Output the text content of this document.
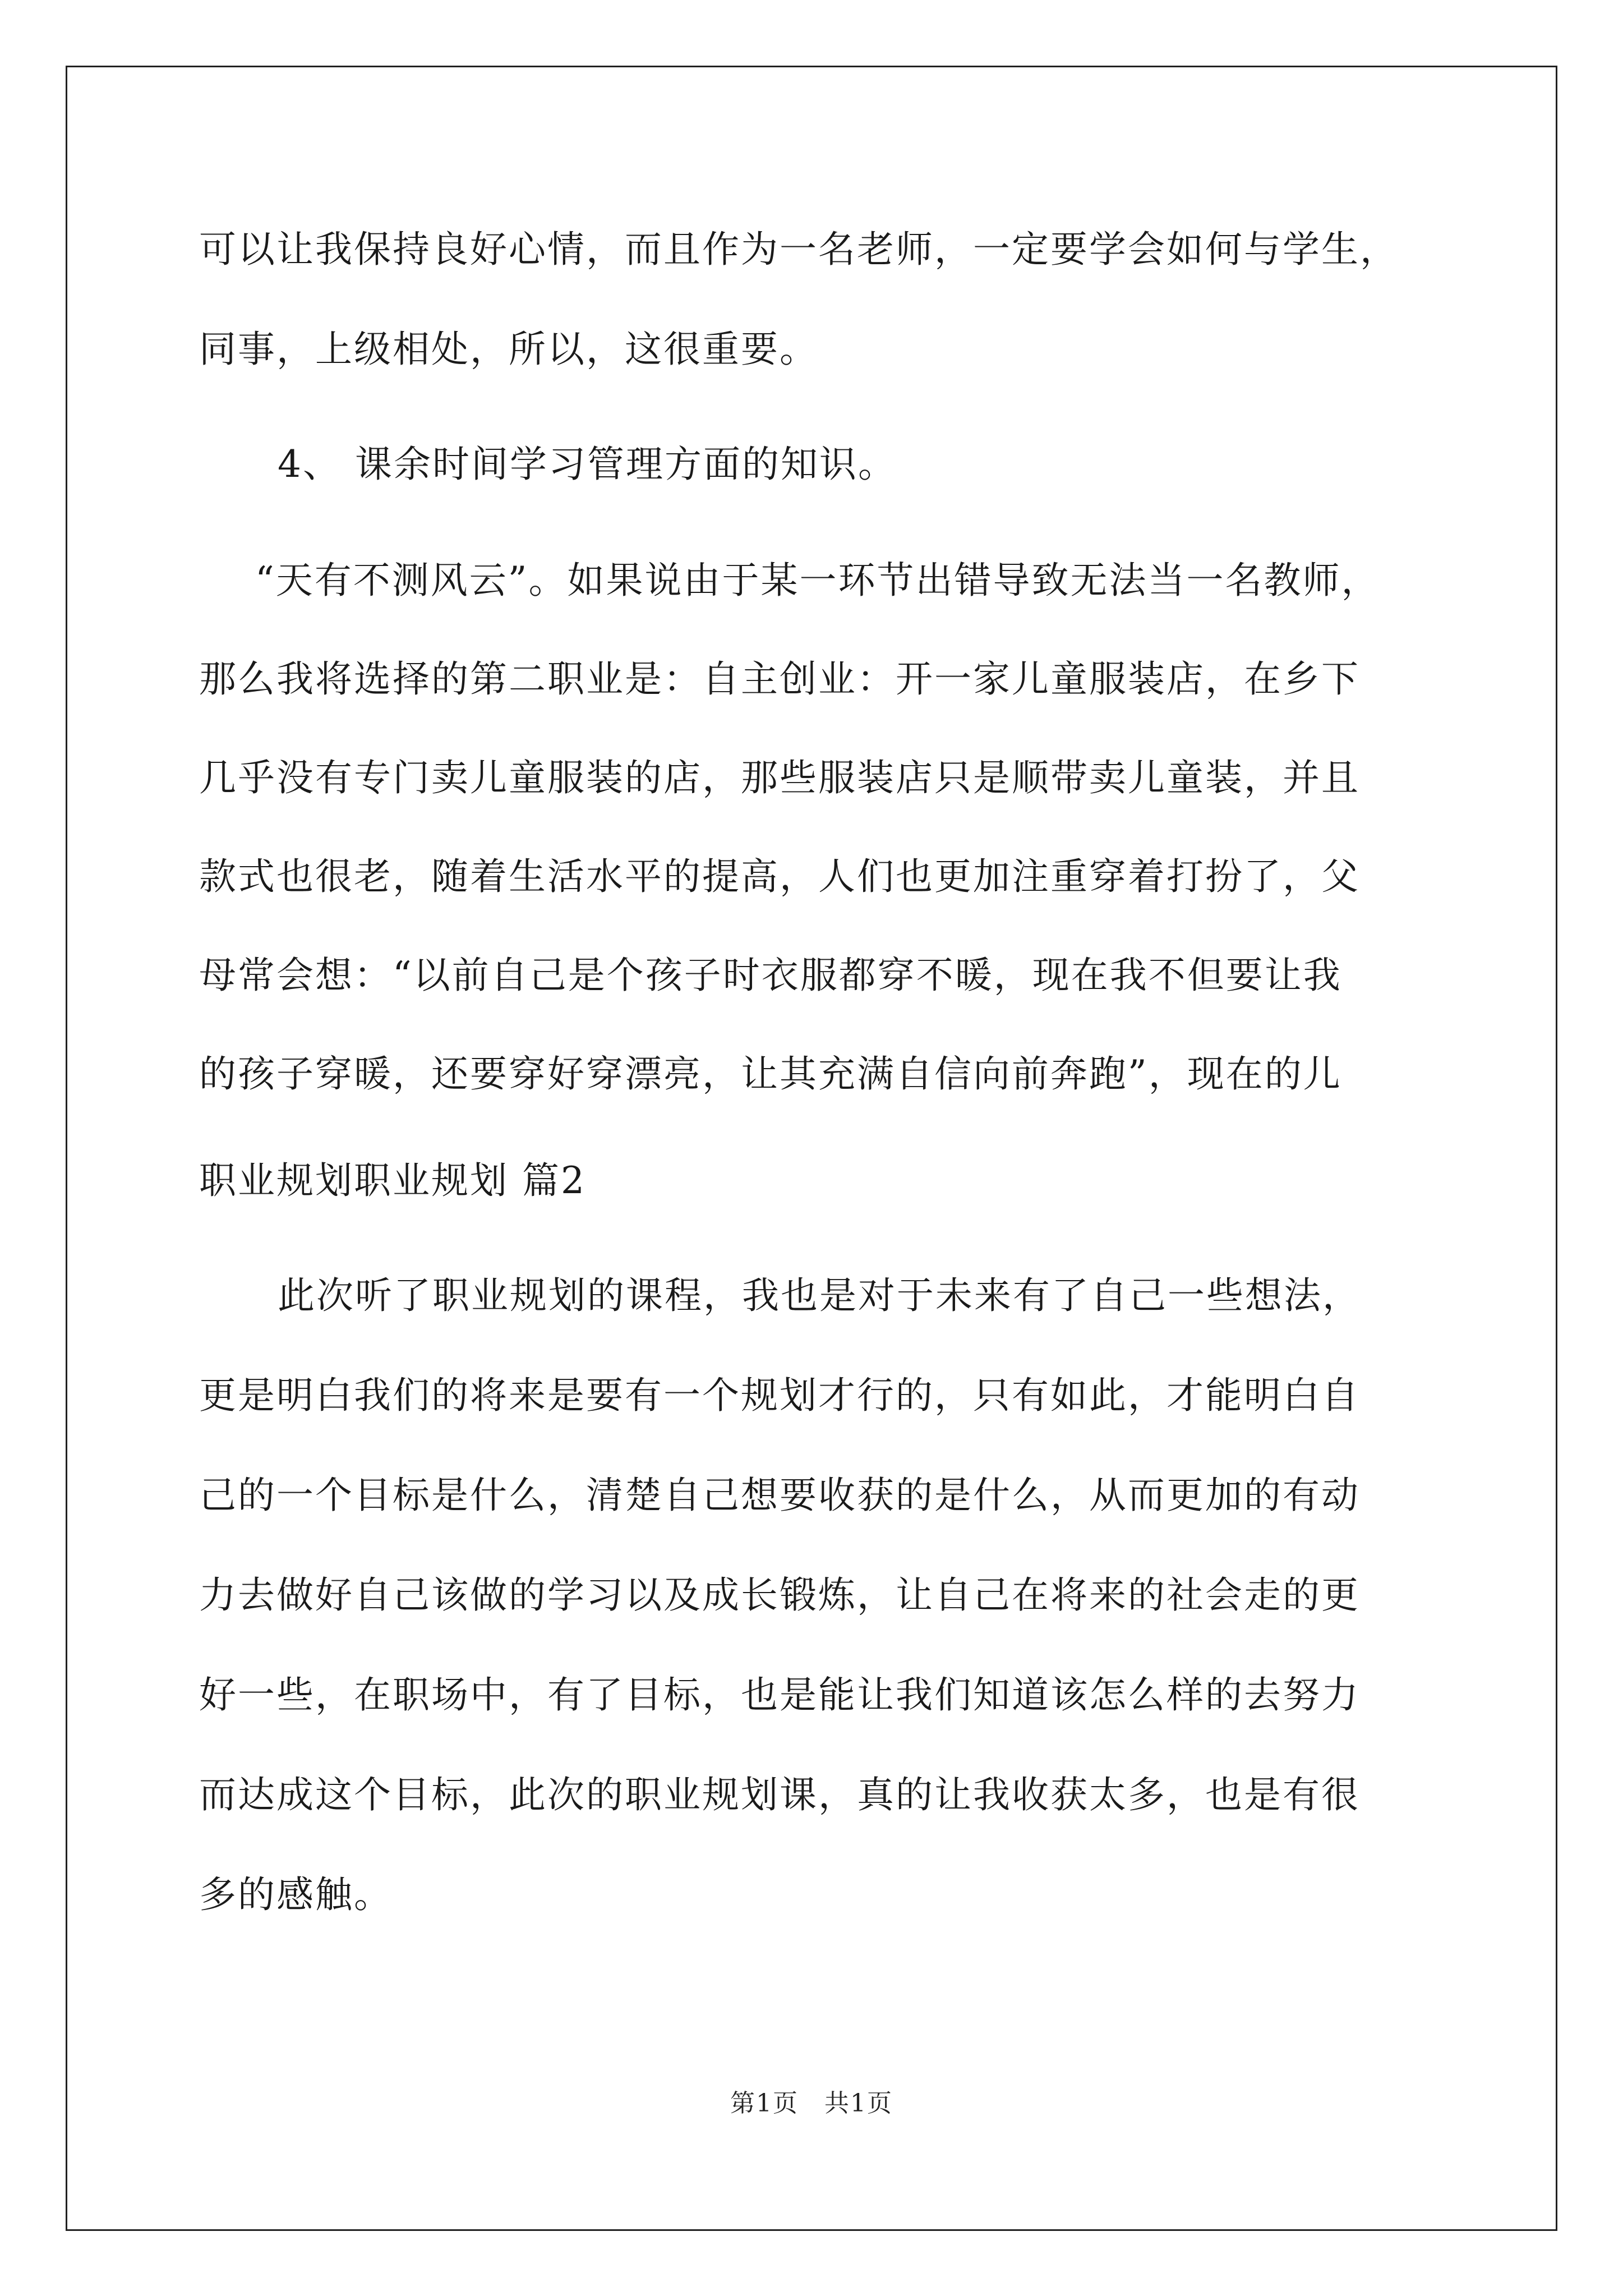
可以让我保持良好心情，而且作为一名老师，一定要学会如何与学生，
同事，上级相处，所以，这很重要。
4、 课余时间学习管理方面的知识。
“天有不测风云”。如果说由于某一环节出错导致无法当一名教师，
那么我将选择的第二职业是：自主创业：开一家儿童服装店，在乡下
几乎没有专门卖儿童服装的店，那些服装店只是顺带卖儿童装，并且
款式也很老，随着生活水平的提高，人们也更加注重穿着打扮了，父
母常会想：“以前自己是个孩子时衣服都穿不暖，现在我不但要让我
的孩子穿暖，还要穿好穿漂亮，让其充满自信向前奔跑”，现在的儿
职业规划职业规划 篇2
此次听了职业规划的课程，我也是对于未来有了自己一些想法，
更是明白我们的将来是要有一个规划才行的，只有如此，才能明白自
己的一个目标是什么，清楚自己想要收获的是什么，从而更加的有动
力去做好自己该做的学习以及成长锻炼，让自己在将来的社会走的更
好一些，在职场中，有了目标，也是能让我们知道该怎么样的去努力
而达成这个目标，此次的职业规划课，真的让我收获太多，也是有很
多的感触。
第1页　共1页
